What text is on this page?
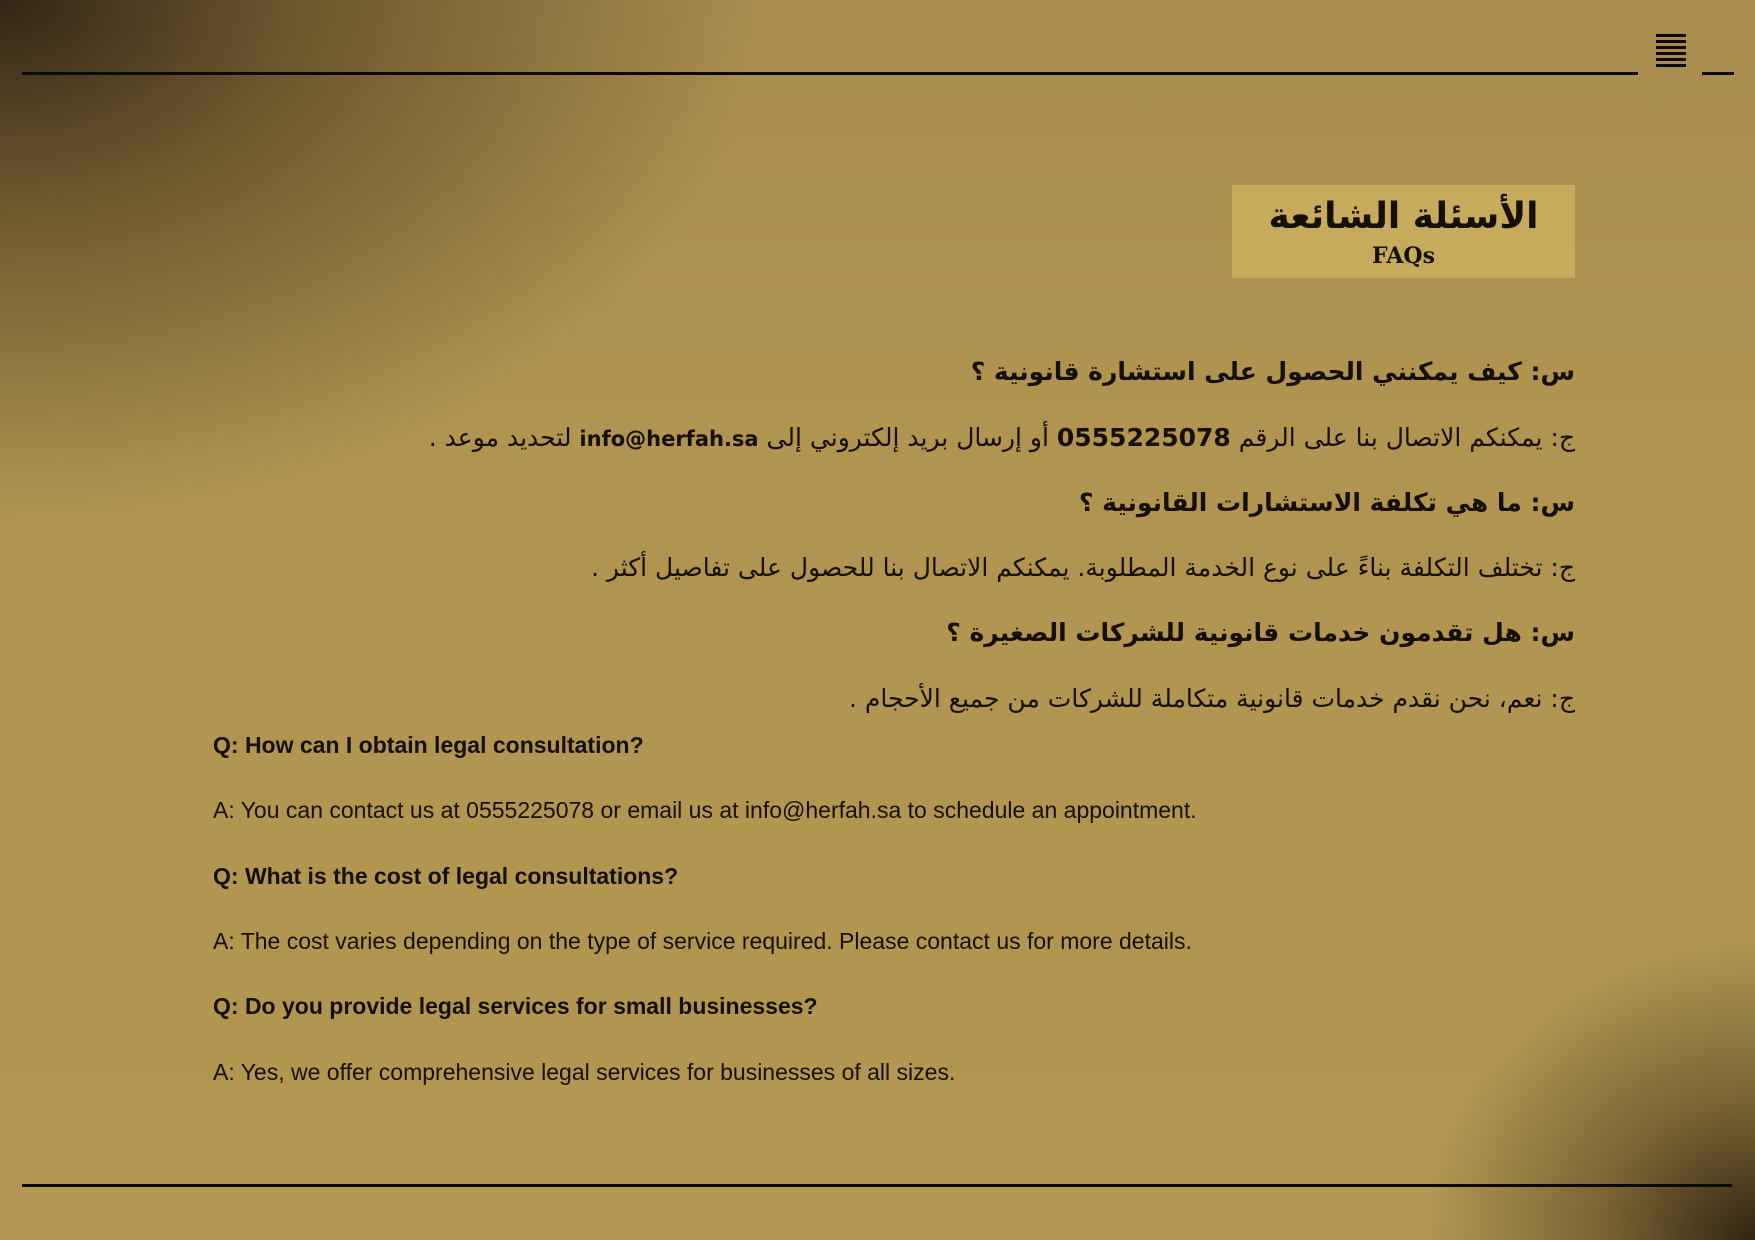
الأسئلة الشائعة
FAQs
س: كيف يمكنني الحصول على استشارة قانونية ؟
ج: يمكنكم الاتصال بنا على الرقم 0555225078 أو إرسال بريد إلكتروني إلى info@herfah.sa لتحديد موعد .
س: ما هي تكلفة الاستشارات القانونية ؟
ج: تختلف التكلفة بناءً على نوع الخدمة المطلوبة. يمكنكم الاتصال بنا للحصول على تفاصيل أكثر .
س: هل تقدمون خدمات قانونية للشركات الصغيرة ؟
ج: نعم، نحن نقدم خدمات قانونية متكاملة للشركات من جميع الأحجام .
Q: How can I obtain legal consultation?
A: You can contact us at 0555225078 or email us at info@herfah.sa to schedule an appointment.
Q: What is the cost of legal consultations?
A: The cost varies depending on the type of service required. Please contact us for more details.
Q: Do you provide legal services for small businesses?
A: Yes, we offer comprehensive legal services for businesses of all sizes.
